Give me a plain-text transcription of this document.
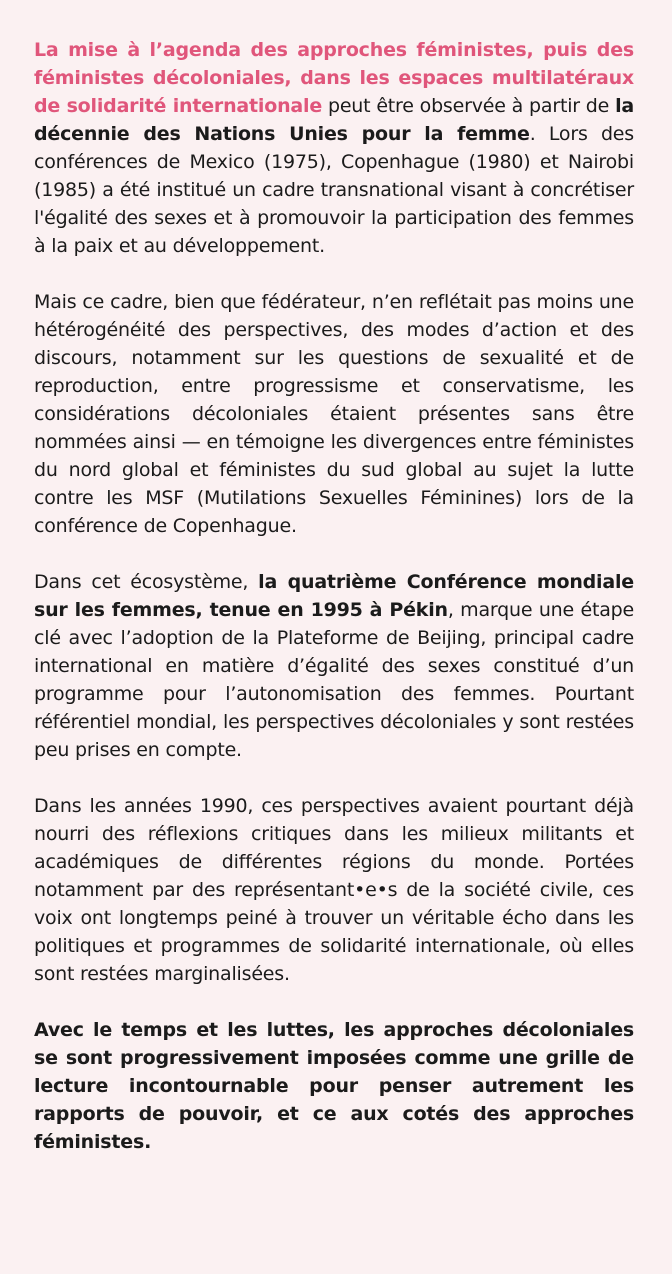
La mise à l’agenda des approches féministes, puis des féministes décoloniales, dans les espaces multilatéraux de solidarité internationale peut être observée à partir de la décennie des Nations Unies pour la femme. Lors des conférences de Mexico (1975), Copenhague (1980) et Nairobi (1985) a été institué un cadre transnational visant à concrétiser l'égalité des sexes et à promouvoir la participation des femmes à la paix et au développement.

Mais ce cadre, bien que fédérateur, n’en reflétait pas moins une hétérogénéité des perspectives, des modes d’action et des discours, notamment sur les questions de sexualité et de reproduction, entre progressisme et conservatisme, les considérations décoloniales étaient présentes sans être nommées ainsi — en témoigne les divergences entre féministes du nord global et féministes du sud global au sujet la lutte contre les MSF (Mutilations Sexuelles Féminines) lors de la conférence de Copenhague.

Dans cet écosystème, la quatrième Conférence mondiale sur les femmes, tenue en 1995 à Pékin, marque une étape clé avec l’adoption de la Plateforme de Beijing, principal cadre international en matière d’égalité des sexes constitué d’un programme pour l’autonomisation des femmes. Pourtant référentiel mondial, les perspectives décoloniales y sont restées peu prises en compte.

Dans les années 1990, ces perspectives avaient pourtant déjà nourri des réflexions critiques dans les milieux militants et académiques de différentes régions du monde. Portées notamment par des représentant•e•s de la société civile, ces voix ont longtemps peiné à trouver un véritable écho dans les politiques et programmes de solidarité internationale, où elles sont restées marginalisées.

Avec le temps et les luttes, les approches décoloniales se sont progressivement imposées comme une grille de lecture incontournable pour penser autrement les rapports de pouvoir, et ce aux cotés des approches féministes.
